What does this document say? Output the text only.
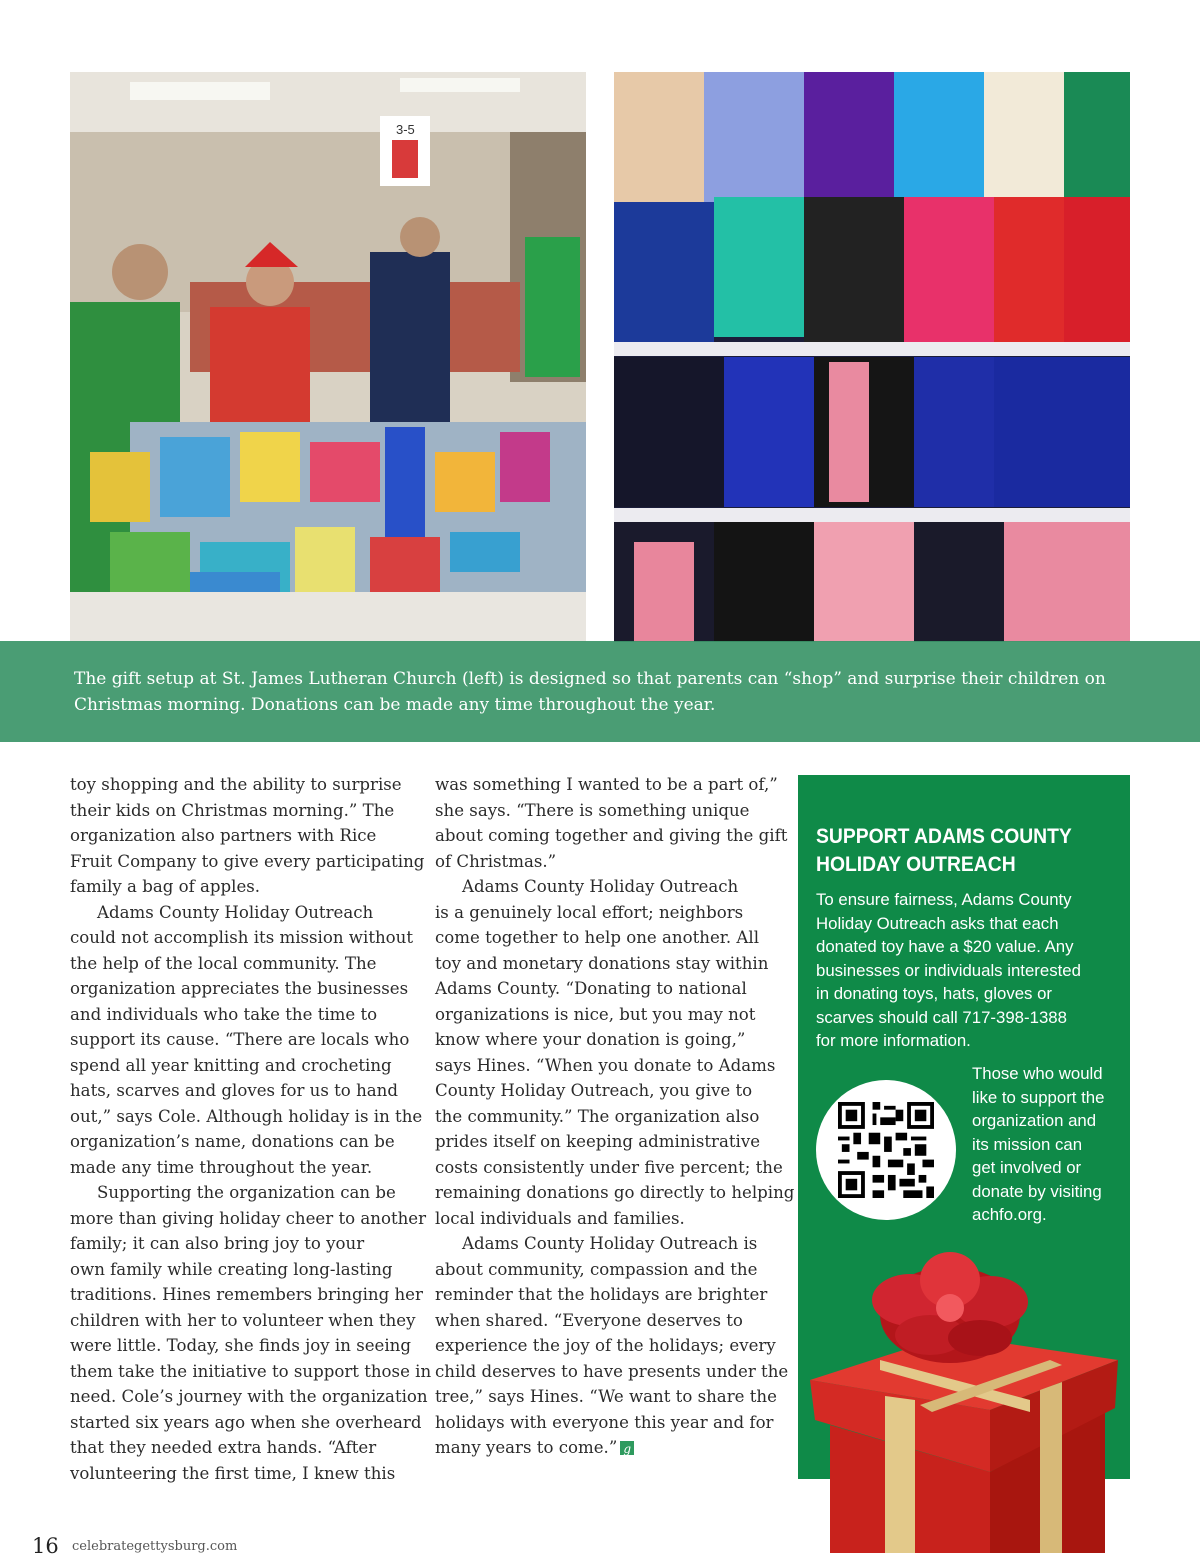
3-5
The gift setup at St. James Lutheran Church (left) is designed so that parents can “shop” and surprise their children on
Christmas morning. Donations can be made any time throughout the year.
toy shopping and the ability to surprise
their kids on Christmas morning.” The
organization also partners with Rice
Fruit Company to give every participating
family a bag of apples.
Adams County Holiday Outreach
could not accomplish its mission without
the help of the local community. The
organization appreciates the businesses
and individuals who take the time to
support its cause. “There are locals who
spend all year knitting and crocheting
hats, scarves and gloves for us to hand
out,” says Cole. Although holiday is in the
organization’s name, donations can be
made any time throughout the year.
Supporting the organization can be
more than giving holiday cheer to another
family; it can also bring joy to your
own family while creating long-lasting
traditions. Hines remembers bringing her
children with her to volunteer when they
were little. Today, she finds joy in seeing
them take the initiative to support those in
need. Cole’s journey with the organization
started six years ago when she overheard
that they needed extra hands. “After
volunteering the first time, I knew this
was something I wanted to be a part of,”
she says. “There is something unique
about coming together and giving the gift
of Christmas.”
Adams County Holiday Outreach
is a genuinely local effort; neighbors
come together to help one another. All
toy and monetary donations stay within
Adams County. “Donating to national
organizations is nice, but you may not
know where your donation is going,”
says Hines. “When you donate to Adams
County Holiday Outreach, you give to
the community.” The organization also
prides itself on keeping administrative
costs consistently under five percent; the
remaining donations go directly to helping
local individuals and families.
Adams County Holiday Outreach is
about community, compassion and the
reminder that the holidays are brighter
when shared. “Everyone deserves to
experience the joy of the holidays; every
child deserves to have presents under the
tree,” says Hines. “We want to share the
holidays with everyone this year and for
many years to come.”g
SUPPORT ADAMS COUNTY
HOLIDAY OUTREACH
To ensure fairness, Adams County
Holiday Outreach asks that each
donated toy have a $20 value. Any
businesses or individuals interested
in donating toys, hats, gloves or
scarves should call 717-398-1388
for more information.
Those who would
like to support the
organization and
its mission can
get involved or
donate by visiting
achfo.org.
16 celebrategettysburg.com
